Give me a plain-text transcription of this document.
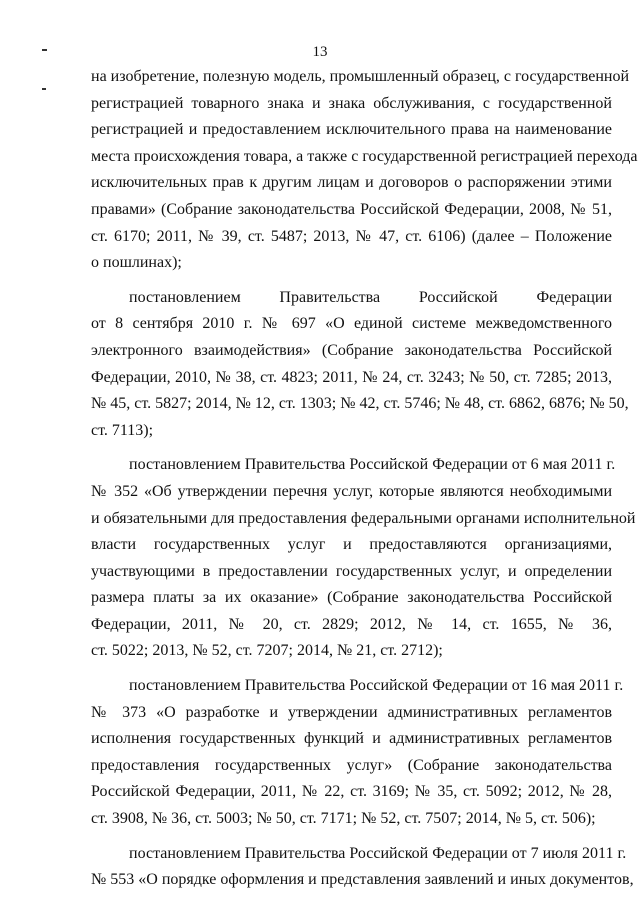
13
на изобретение, полезную модель, промышленный образец, с государственной
регистрацией товарного знака и знака обслуживания, с государственной
регистрацией и предоставлением исключительного права на наименование
места происхождения товара, а также с государственной регистрацией перехода
исключительных прав к другим лицам и договоров о распоряжении этими
правами» (Собрание законодательства Российской Федерации, 2008, № 51,
ст. 6170; 2011, № 39, ст. 5487; 2013, № 47, ст. 6106) (далее – Положение
о пошлинах);
постановлением Правительства Российской Федерации
от 8 сентября 2010 г. № 697 «О единой системе межведомственного
электронного взаимодействия» (Собрание законодательства Российской
Федерации, 2010, № 38, ст. 4823; 2011, № 24, ст. 3243; № 50, ст. 7285; 2013,
№ 45, ст. 5827; 2014, № 12, ст. 1303; № 42, ст. 5746; № 48, ст. 6862, 6876; № 50,
ст. 7113);
постановлением Правительства Российской Федерации от 6 мая 2011 г.
№ 352 «Об утверждении перечня услуг, которые являются необходимыми
и обязательными для предоставления федеральными органами исполнительной
власти государственных услуг и предоставляются организациями,
участвующими в предоставлении государственных услуг, и определении
размера платы за их оказание» (Собрание законодательства Российской
Федерации, 2011, № 20, ст. 2829; 2012, № 14, ст. 1655, № 36,
ст. 5022; 2013, № 52, ст. 7207; 2014, № 21, ст. 2712);
постановлением Правительства Российской Федерации от 16 мая 2011 г.
№ 373 «О разработке и утверждении административных регламентов
исполнения государственных функций и административных регламентов
предоставления государственных услуг» (Собрание законодательства
Российской Федерации, 2011, № 22, ст. 3169; № 35, ст. 5092; 2012, № 28,
ст. 3908, № 36, ст. 5003; № 50, ст. 7171; № 52, ст. 7507; 2014, № 5, ст. 506);
постановлением Правительства Российской Федерации от 7 июля 2011 г.
№ 553 «О порядке оформления и представления заявлений и иных документов,
